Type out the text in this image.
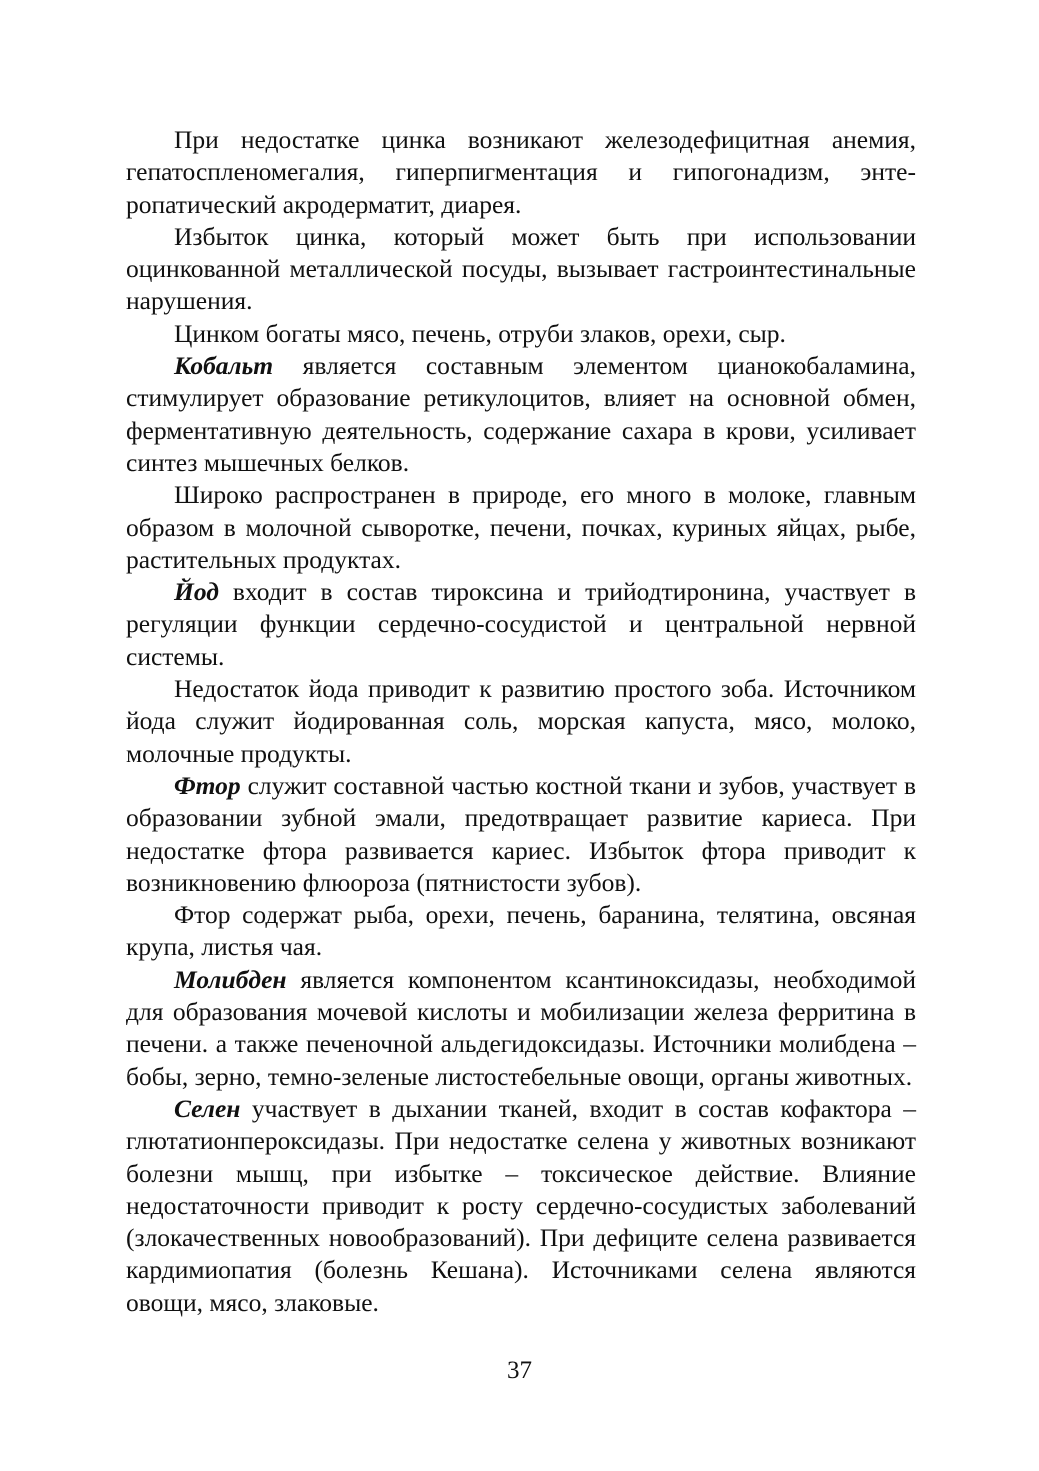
При недостатке цинка возникают железодефицитная анемия, гепатоспленомегалия, гиперпигментация и гипогонадизм, энтеропатический акродерматит, диарея.

Избыток цинка, который может быть при использовании оцинкованной металлической посуды, вызывает гастроинтестинальные нарушения.

Цинком богаты мясо, печень, отруби злаков, орехи, сыр.

Кобальт является составным элементом цианокобаламина, стимулирует образование ретикулоцитов, влияет на основной обмен, ферментативную деятельность, содержание сахара в крови, усиливает синтез мышечных белков.

Широко распространен в природе, его много в молоке, главным образом в молочной сыворотке, печени, почках, куриных яйцах, рыбе, растительных продуктах.

Йод входит в состав тироксина и трийодтиронина, участвует в регуляции функции сердечно-сосудистой и центральной нервной системы.

Недостаток йода приводит к развитию простого зоба. Источником йода служит йодированная соль, морская капуста, мясо, молоко, молочные продукты.

Фтор служит составной частью костной ткани и зубов, участвует в образовании зубной эмали, предотвращает развитие кариеса. При недостатке фтора развивается кариес. Избыток фтора приводит к возникновению флюороза (пятнистости зубов).

Фтор содержат рыба, орехи, печень, баранина, телятина, овсяная крупа, листья чая.

Молибден является компонентом ксантиноксидазы, необходимой для образования мочевой кислоты и мобилизации железа ферритина в печени. а также печеночной альдегидоксидазы. Источники молибдена – бобы, зерно, темно-зеленые листостебельные овощи, органы животных.

Селен участвует в дыхании тканей, входит в состав кофактора – глютатионпероксидазы. При недостатке селена у животных возникают болезни мышц, при избытке – токсическое действие. Влияние недостаточности приводит к росту сердечно-сосудистых заболеваний (злокачественных новообразований). При дефиците селена развивается кардимиопатия (болезнь Кешана). Источниками селена являются овощи, мясо, злаковые.

37
